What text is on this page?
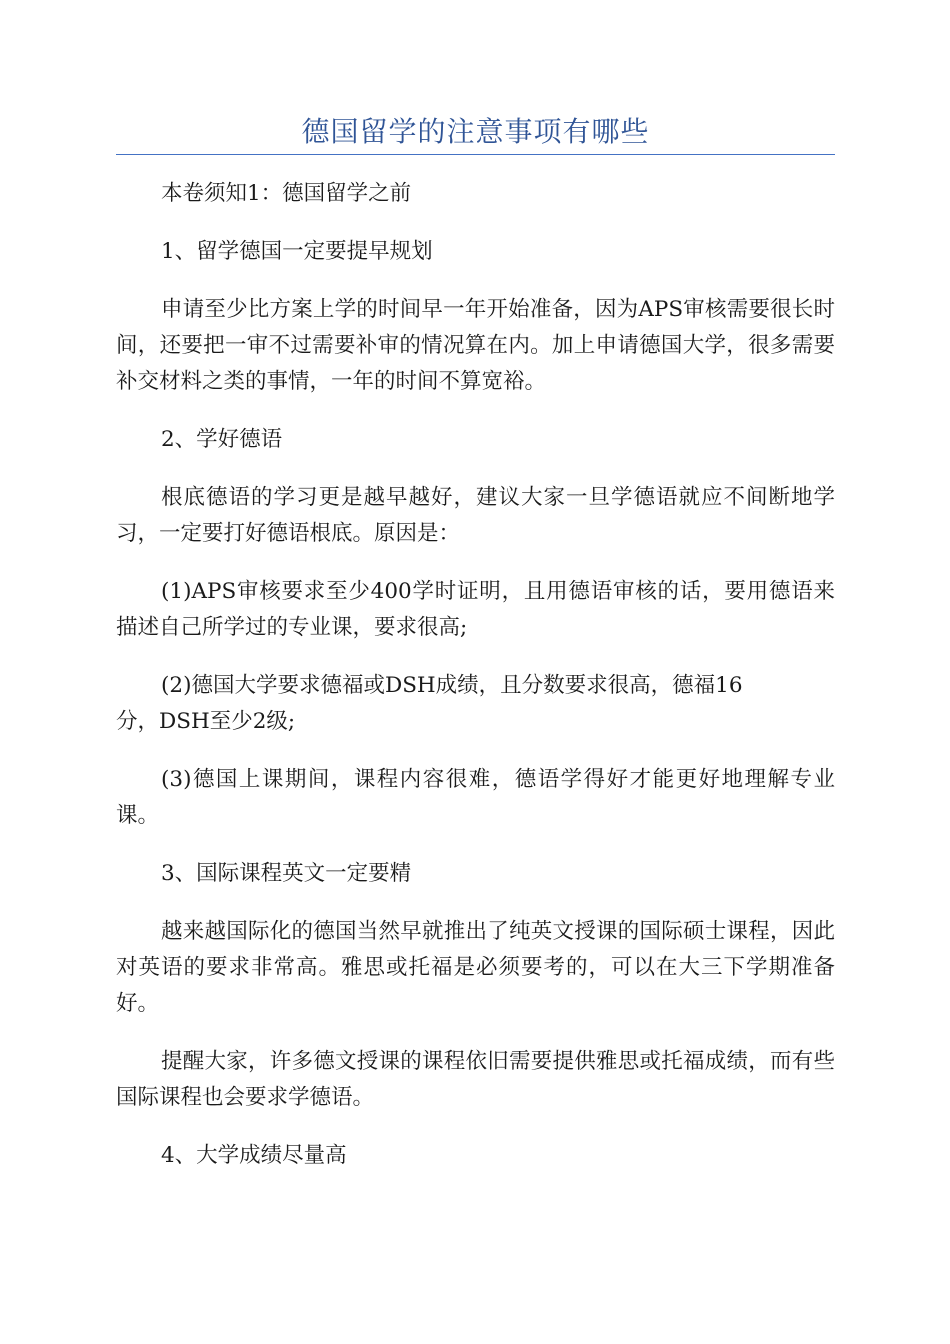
德国留学的注意事项有哪些

本卷须知1：德国留学之前

1、留学德国一定要提早规划

申请至少比方案上学的时间早一年开始准备，因为APS审核需要很长时间，还要把一审不过需要补审的情况算在内。加上申请德国大学，很多需要补交材料之类的事情，一年的时间不算宽裕。

2、学好德语

根底德语的学习更是越早越好，建议大家一旦学德语就应不间断地学习，一定要打好德语根底。原因是：

(1)APS审核要求至少400学时证明，且用德语审核的话，要用德语来描述自己所学过的专业课，要求很高;

(2)德国大学要求德福或DSH成绩，且分数要求很高，德福16
分，DSH至少2级;

(3)德国上课期间，课程内容很难，德语学得好才能更好地理解专业课。

3、国际课程英文一定要精

越来越国际化的德国当然早就推出了纯英文授课的国际硕士课程，因此对英语的要求非常高。雅思或托福是必须要考的，可以在大三下学期准备好。

提醒大家，许多德文授课的课程依旧需要提供雅思或托福成绩，而有些国际课程也会要求学德语。

4、大学成绩尽量高
